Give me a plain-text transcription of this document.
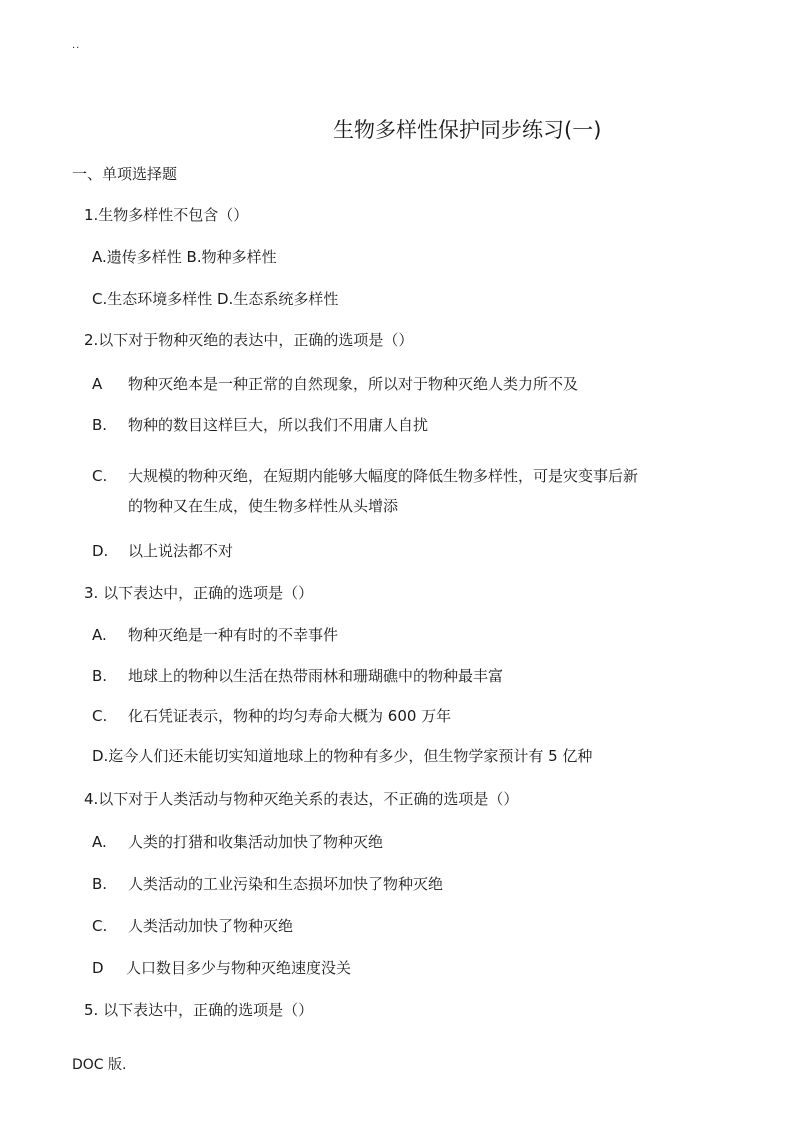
..
生物多样性保护同步练习(一)
一、单项选择题
1.生物多样性不包含（）
A.遗传多样性 B.物种多样性
C.生态环境多样性 D.生态系统多样性
2.以下对于物种灭绝的表达中，正确的选项是（）
A 物种灭绝本是一种正常的自然现象，所以对于物种灭绝人类力所不及
B. 物种的数目这样巨大，所以我们不用庸人自扰
C. 大规模的物种灭绝，在短期内能够大幅度的降低生物多样性，可是灾变事后新
的物种又在生成，使生物多样性从头增添
D. 以上说法都不对
3. 以下表达中，正确的选项是（）
A. 物种灭绝是一种有时的不幸事件
B. 地球上的物种以生活在热带雨林和珊瑚礁中的物种最丰富
C. 化石凭证表示，物种的均匀寿命大概为 600 万年
D.迄今人们还未能切实知道地球上的物种有多少，但生物学家预计有 5 亿种
4.以下对于人类活动与物种灭绝关系的表达，不正确的选项是（）
A. 人类的打猎和收集活动加快了物种灭绝
B. 人类活动的工业污染和生态损坏加快了物种灭绝
C. 人类活动加快了物种灭绝
D 人口数目多少与物种灭绝速度没关
5. 以下表达中，正确的选项是（）
DOC 版.
